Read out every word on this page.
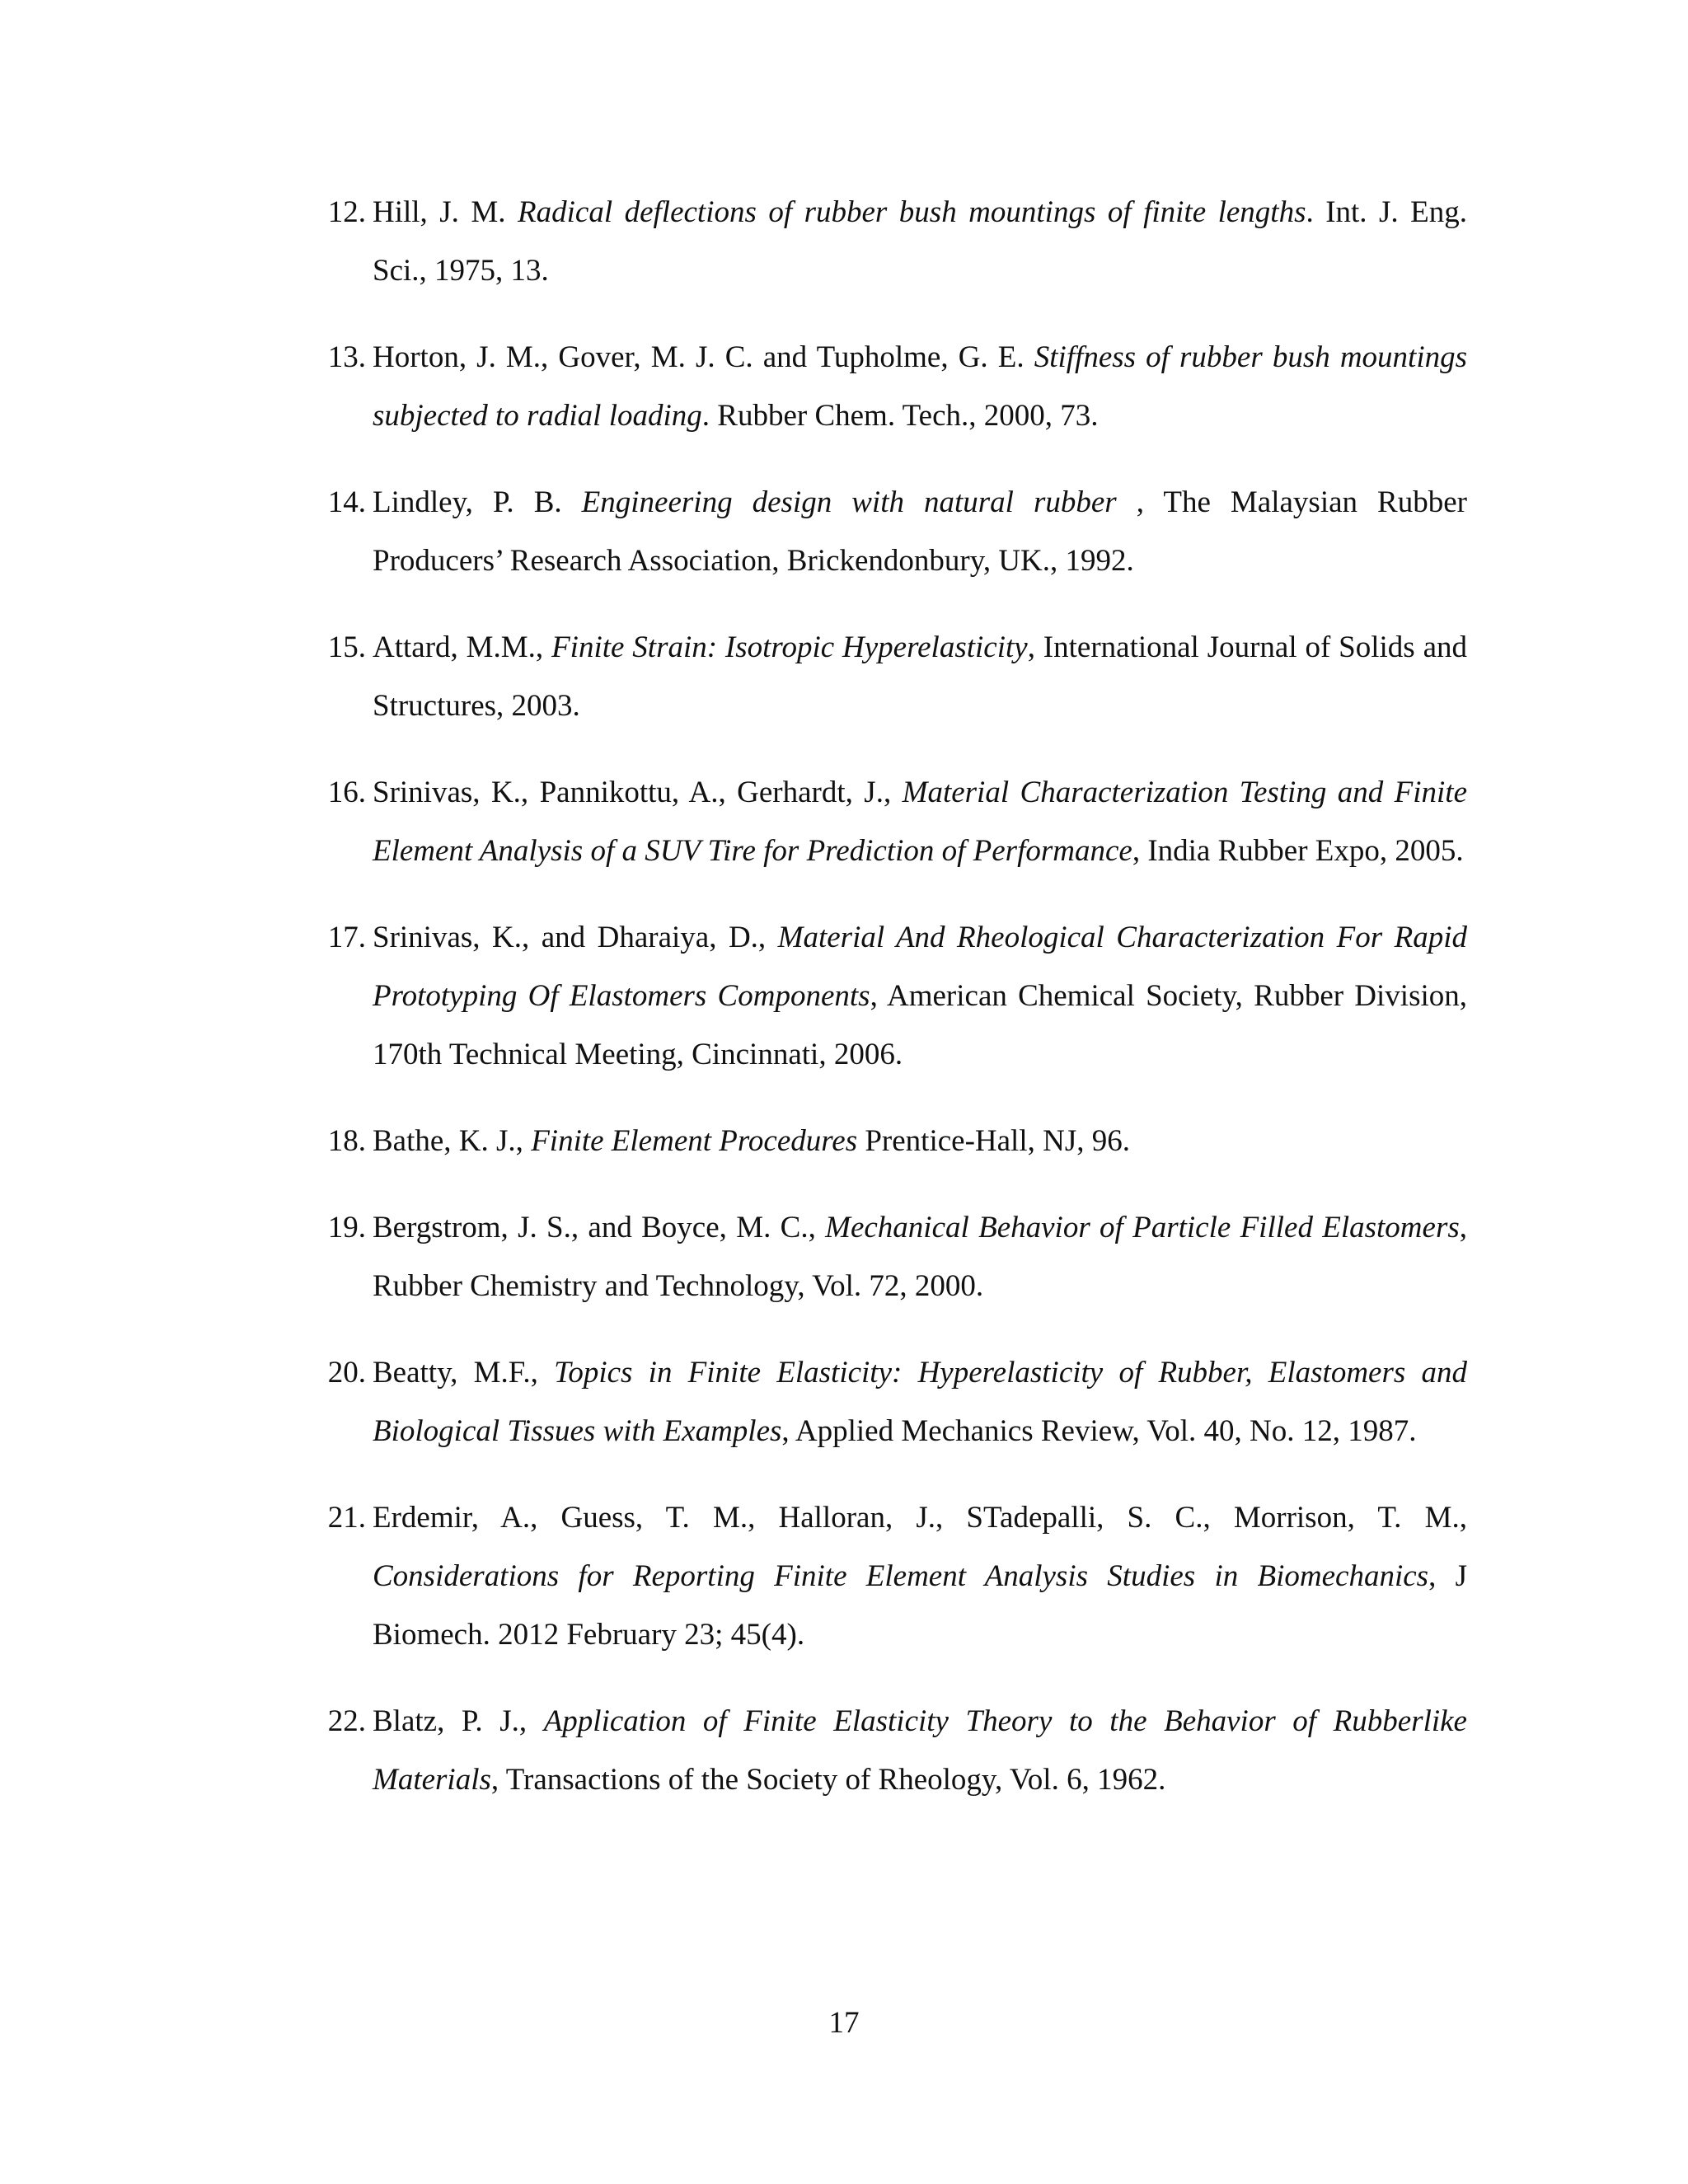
12. Hill, J. M. Radical deflections of rubber bush mountings of finite lengths. Int. J. Eng. Sci., 1975, 13.
13. Horton, J. M., Gover, M. J. C. and Tupholme, G. E. Stiffness of rubber bush mountings subjected to radial loading. Rubber Chem. Tech., 2000, 73.
14. Lindley, P. B. Engineering design with natural rubber , The Malaysian Rubber Producers’ Research Association, Brickendonbury, UK., 1992.
15. Attard, M.M., Finite Strain: Isotropic Hyperelasticity, International Journal of Solids and Structures, 2003.
16. Srinivas, K., Pannikottu, A., Gerhardt, J., Material Characterization Testing and Finite Element Analysis of a SUV Tire for Prediction of Performance, India Rubber Expo, 2005.
17. Srinivas, K., and Dharaiya, D., Material And Rheological Characterization For Rapid Prototyping Of Elastomers Components, American Chemical Society, Rubber Division, 170th Technical Meeting, Cincinnati, 2006.
18. Bathe, K. J., Finite Element Procedures Prentice-Hall, NJ, 96.
19. Bergstrom, J. S., and Boyce, M. C., Mechanical Behavior of Particle Filled Elastomers, Rubber Chemistry and Technology, Vol. 72, 2000.
20. Beatty, M.F., Topics in Finite Elasticity: Hyperelasticity of Rubber, Elastomers and Biological Tissues with Examples, Applied Mechanics Review, Vol. 40, No. 12, 1987.
21. Erdemir, A., Guess, T. M., Halloran, J., STadepalli, S. C., Morrison, T. M., Considerations for Reporting Finite Element Analysis Studies in Biomechanics, J Biomech. 2012 February 23; 45(4).
22. Blatz, P. J., Application of Finite Elasticity Theory to the Behavior of Rubberlike Materials, Transactions of the Society of Rheology, Vol. 6, 1962.
17
